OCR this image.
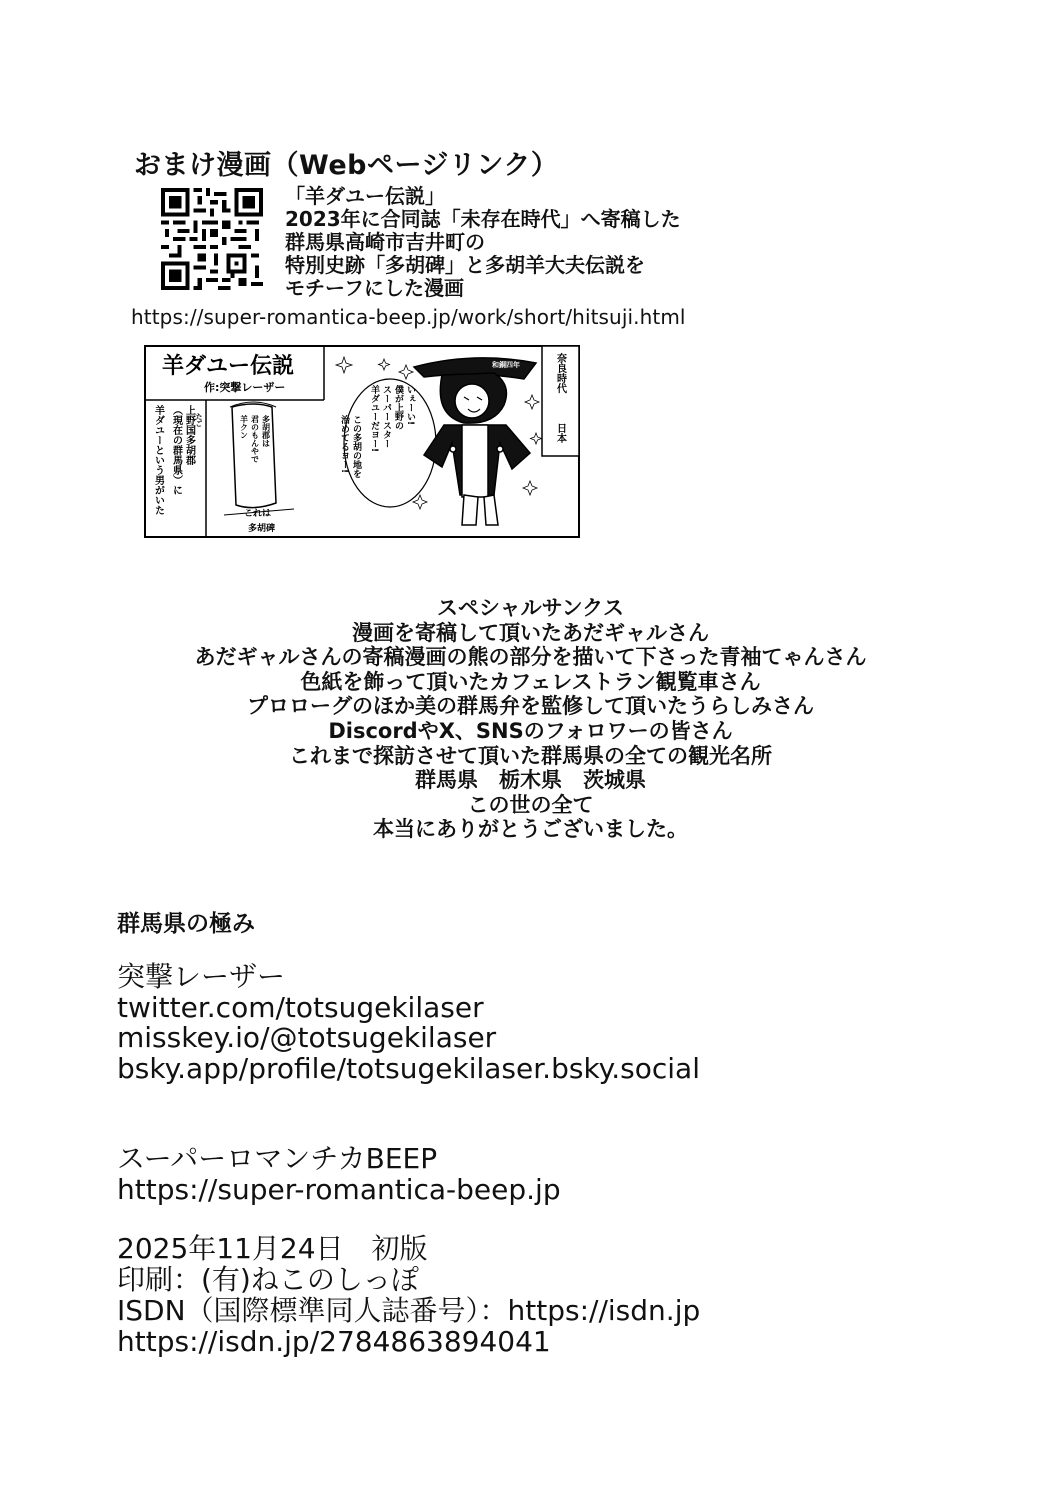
おまけ漫画（Webページリンク）
「羊ダユー伝説」
2023年に合同誌「未存在時代」へ寄稿した
群馬県高崎市吉井町の
特別史跡「多胡碑」と多胡羊大夫伝説を
モチーフにした漫画
https://super-romantica-beep.jp/work/short/hitsuji.html
羊ダユー伝説
作:突撃レーザー
上野国多胡郡
（現在の群馬県）に
羊ダユーという男がいた	たご	多胡郡は
君のもんやで
羊クン
これは
多胡碑
いぇーい!
僕が上野の
スーパースター
羊ダユーだヨー!
この多胡の地を
治めてるヨー!
和銅四年	奈良時代
日本
スペシャルサンクス
漫画を寄稿して頂いたあだギャルさん
あだギャルさんの寄稿漫画の熊の部分を描いて下さった青袖てゃんさん
色紙を飾って頂いたカフェレストラン観覧車さん
プロローグのほか美の群馬弁を監修して頂いたうらしみさん
DiscordやX、SNSのフォロワーの皆さん
これまで探訪させて頂いた群馬県の全ての観光名所
群馬県　栃木県　茨城県
この世の全て
本当にありがとうございました。
群馬県の極み
突撃レーザー
twitter.com/totsugekilaser
misskey.io/@totsugekilaser
bsky.app/profile/totsugekilaser.bsky.social
スーパーロマンチカBEEP
https://super-romantica-beep.jp
2025年11月24日　初版
印刷：(有)ねこのしっぽ
ISDN（国際標準同人誌番号）：https://isdn.jp
https://isdn.jp/2784863894041
